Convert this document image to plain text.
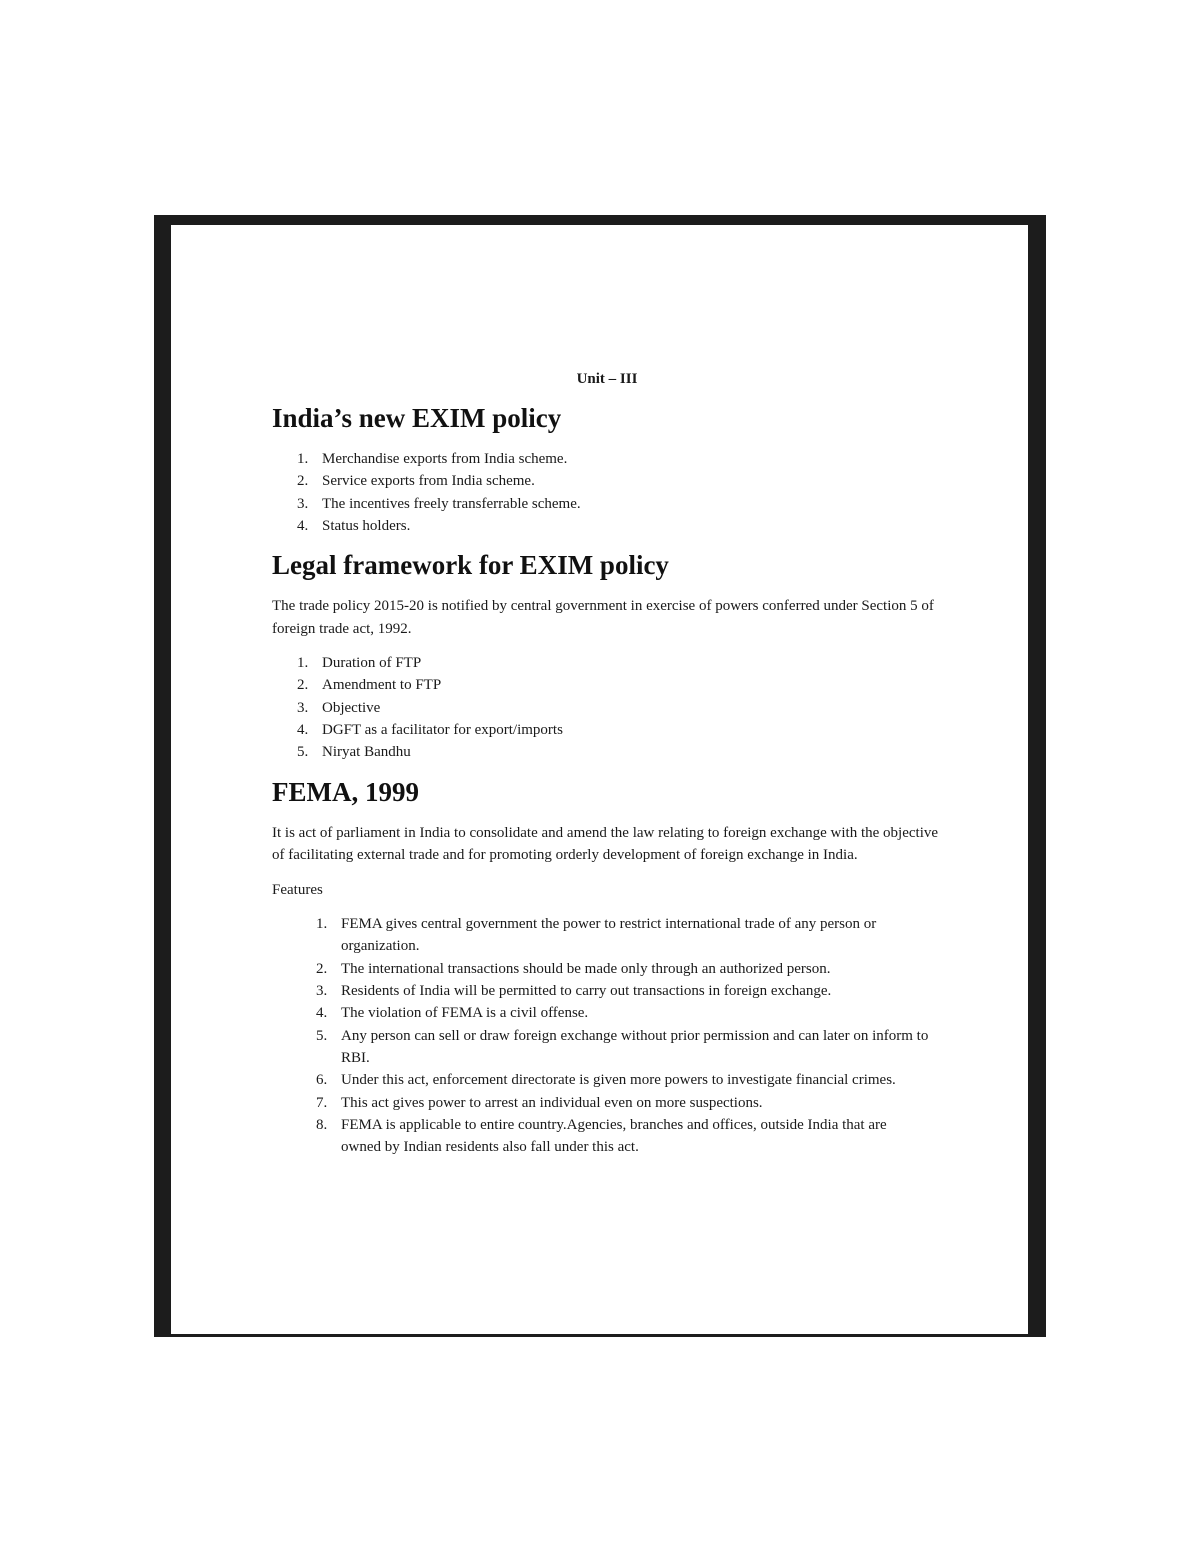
Unit – III
India’s new EXIM policy
1. Merchandise exports from India scheme.
2. Service exports from India scheme.
3. The incentives freely transferrable scheme.
4. Status holders.
Legal framework for EXIM policy

The trade policy 2015-20 is notified by central government in exercise of powers conferred under Section 5 of foreign trade act, 1992.

1. Duration of FTP
2. Amendment to FTP
3. Objective
4. DGFT as a facilitator for export/imports
5. Niryat Bandhu
FEMA, 1999

It is act of parliament in India to consolidate and amend the law relating to foreign exchange with the objective of facilitating external trade and for promoting orderly development of foreign exchange in India.

Features

1. FEMA gives central government the power to restrict international trade of any person or organization.
2. The international transactions should be made only through an authorized person.
3. Residents of India will be permitted to carry out transactions in foreign exchange.
4. The violation of FEMA is a civil offense.
5. Any person can sell or draw foreign exchange without prior permission and can later on inform to RBI.
6. Under this act, enforcement directorate is given more powers to investigate financial crimes.
7. This act gives power to arrest an individual even on more suspections.
8. FEMA is applicable to entire country.Agencies, branches and offices, outside India that are owned by Indian residents also fall under this act.
